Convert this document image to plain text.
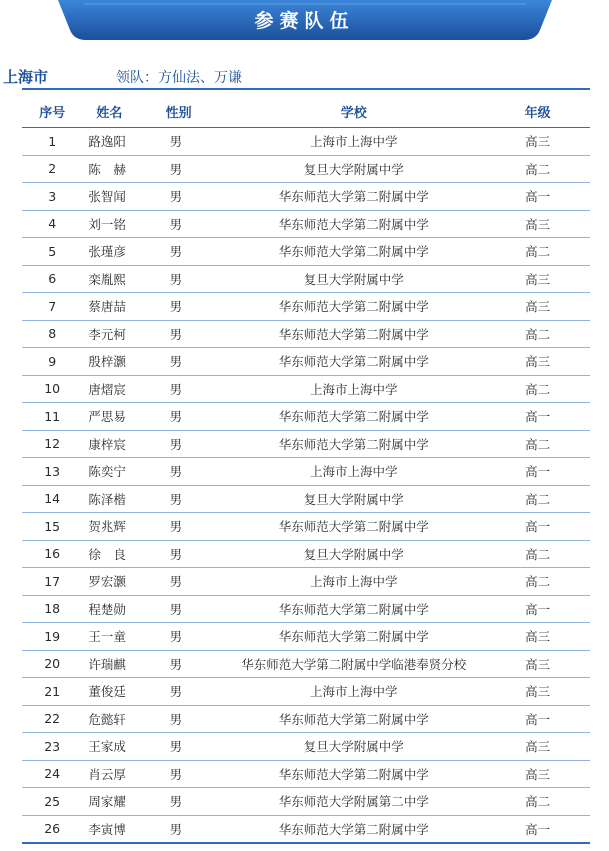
参赛队伍
上海市	领队：方仙法、万谦
序号	姓名	性别	学校	年级
1	路逸阳	男	上海市上海中学	高三
2	陈　赫	男	复旦大学附属中学	高二
3	张智闻	男	华东师范大学第二附属中学	高一
4	刘一铭	男	华东师范大学第二附属中学	高三
5	张瑾彦	男	华东师范大学第二附属中学	高二
6	栾胤熙	男	复旦大学附属中学	高三
7	蔡唐喆	男	华东师范大学第二附属中学	高三
8	李元柯	男	华东师范大学第二附属中学	高二
9	殷梓灏	男	华东师范大学第二附属中学	高三
10	唐熠宸	男	上海市上海中学	高二
11	严思易	男	华东师范大学第二附属中学	高一
12	康梓宸	男	华东师范大学第二附属中学	高二
13	陈奕宁	男	上海市上海中学	高一
14	陈泽楷	男	复旦大学附属中学	高二
15	贺兆辉	男	华东师范大学第二附属中学	高一
16	徐　良	男	复旦大学附属中学	高二
17	罗宏灏	男	上海市上海中学	高二
18	程楚勋	男	华东师范大学第二附属中学	高一
19	王一童	男	华东师范大学第二附属中学	高三
20	许瑞麒	男	华东师范大学第二附属中学临港奉贤分校	高三
21	董俊廷	男	上海市上海中学	高三
22	危懿轩	男	华东师范大学第二附属中学	高一
23	王家成	男	复旦大学附属中学	高三
24	肖云厚	男	华东师范大学第二附属中学	高三
25	周家耀	男	华东师范大学附属第二中学	高二
26	李寅博	男	华东师范大学第二附属中学	高一
